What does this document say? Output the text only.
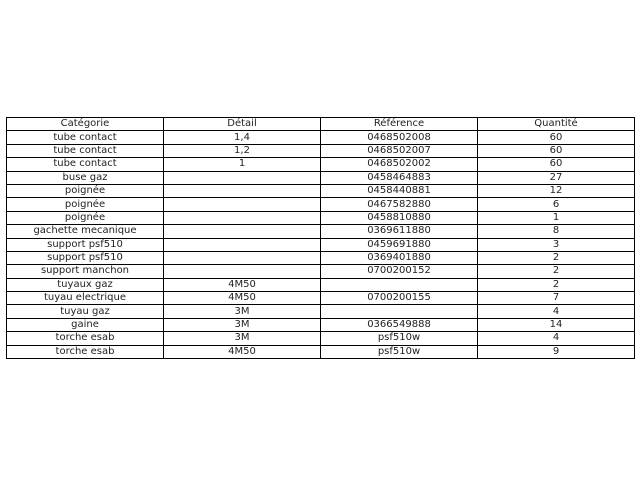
Catégorie	Détail	Référence	Quantité
tube contact	1,4	0468502008	60
tube contact	1,2	0468502007	60
tube contact	1	0468502002	60
buse gaz		0458464883	27
poignée		0458440881	12
poignée		0467582880	6
poignée		0458810880	1
gachette mecanique		0369611880	8
support psf510		0459691880	3
support psf510		0369401880	2
support manchon		0700200152	2
tuyaux gaz	4M50		2
tuyau electrique	4M50	0700200155	7
tuyau gaz	3M		4
gaine	3M	0366549888	14
torche esab	3M	psf510w	4
torche esab	4M50	psf510w	9
